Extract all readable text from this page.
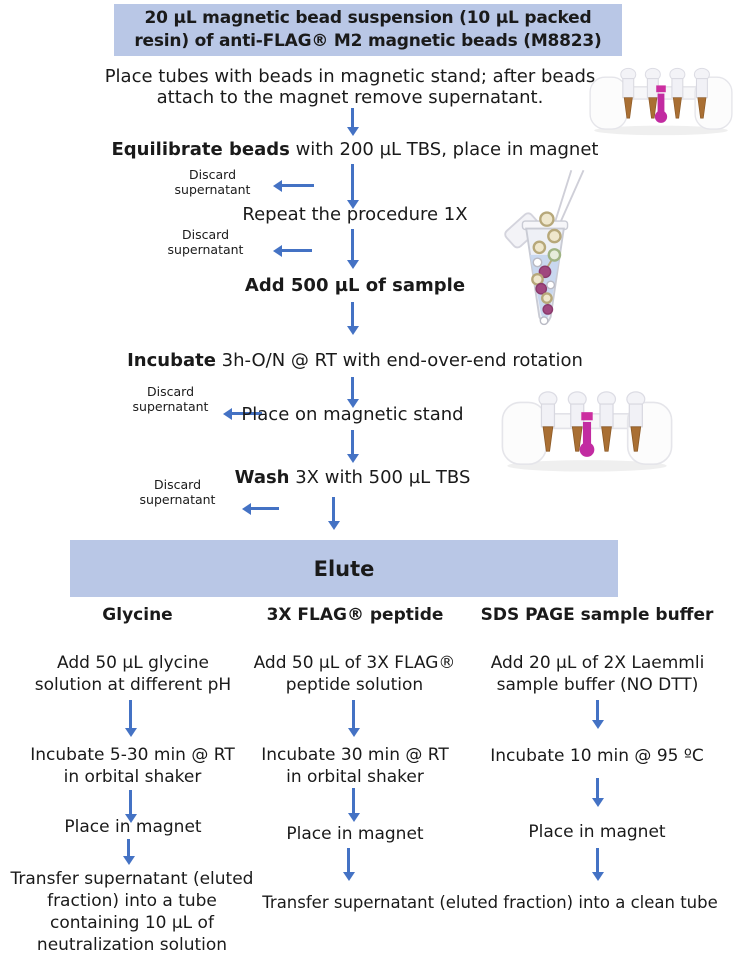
20 µL magnetic bead suspension (10 µL packed resin) of anti-FLAG® M2 magnetic beads (M8823)
Place tubes with beads in magnetic stand; after beads attach to the magnet remove supernatant.
Equilibrate beads with 200 µL TBS, place in magnet
Discard supernatant
Repeat the procedure 1X
Discard supernatant
Add 500 µL of sample
Incubate 3h-O/N @ RT with end-over-end rotation
Discard supernatant	Place on magnetic stand
Wash 3X with 500 µL TBS
Discard supernatant
Elute
Glycine	3X FLAG® peptide	SDS PAGE sample buffer
Add 50 µL glycine solution at different pH
Incubate 5-30 min @ RT in orbital shaker
Place in magnet
Transfer supernatant (eluted fraction) into a tube containing 10 µL of neutralization solution
Add 50 µL of 3X FLAG® peptide solution
Incubate 30 min @ RT in orbital shaker
Place in magnet
Add 20 µL of 2X Laemmli sample buffer (NO DTT)
Incubate 10 min @ 95 ºC
Place in magnet
Transfer supernatant (eluted fraction) into a clean tube
